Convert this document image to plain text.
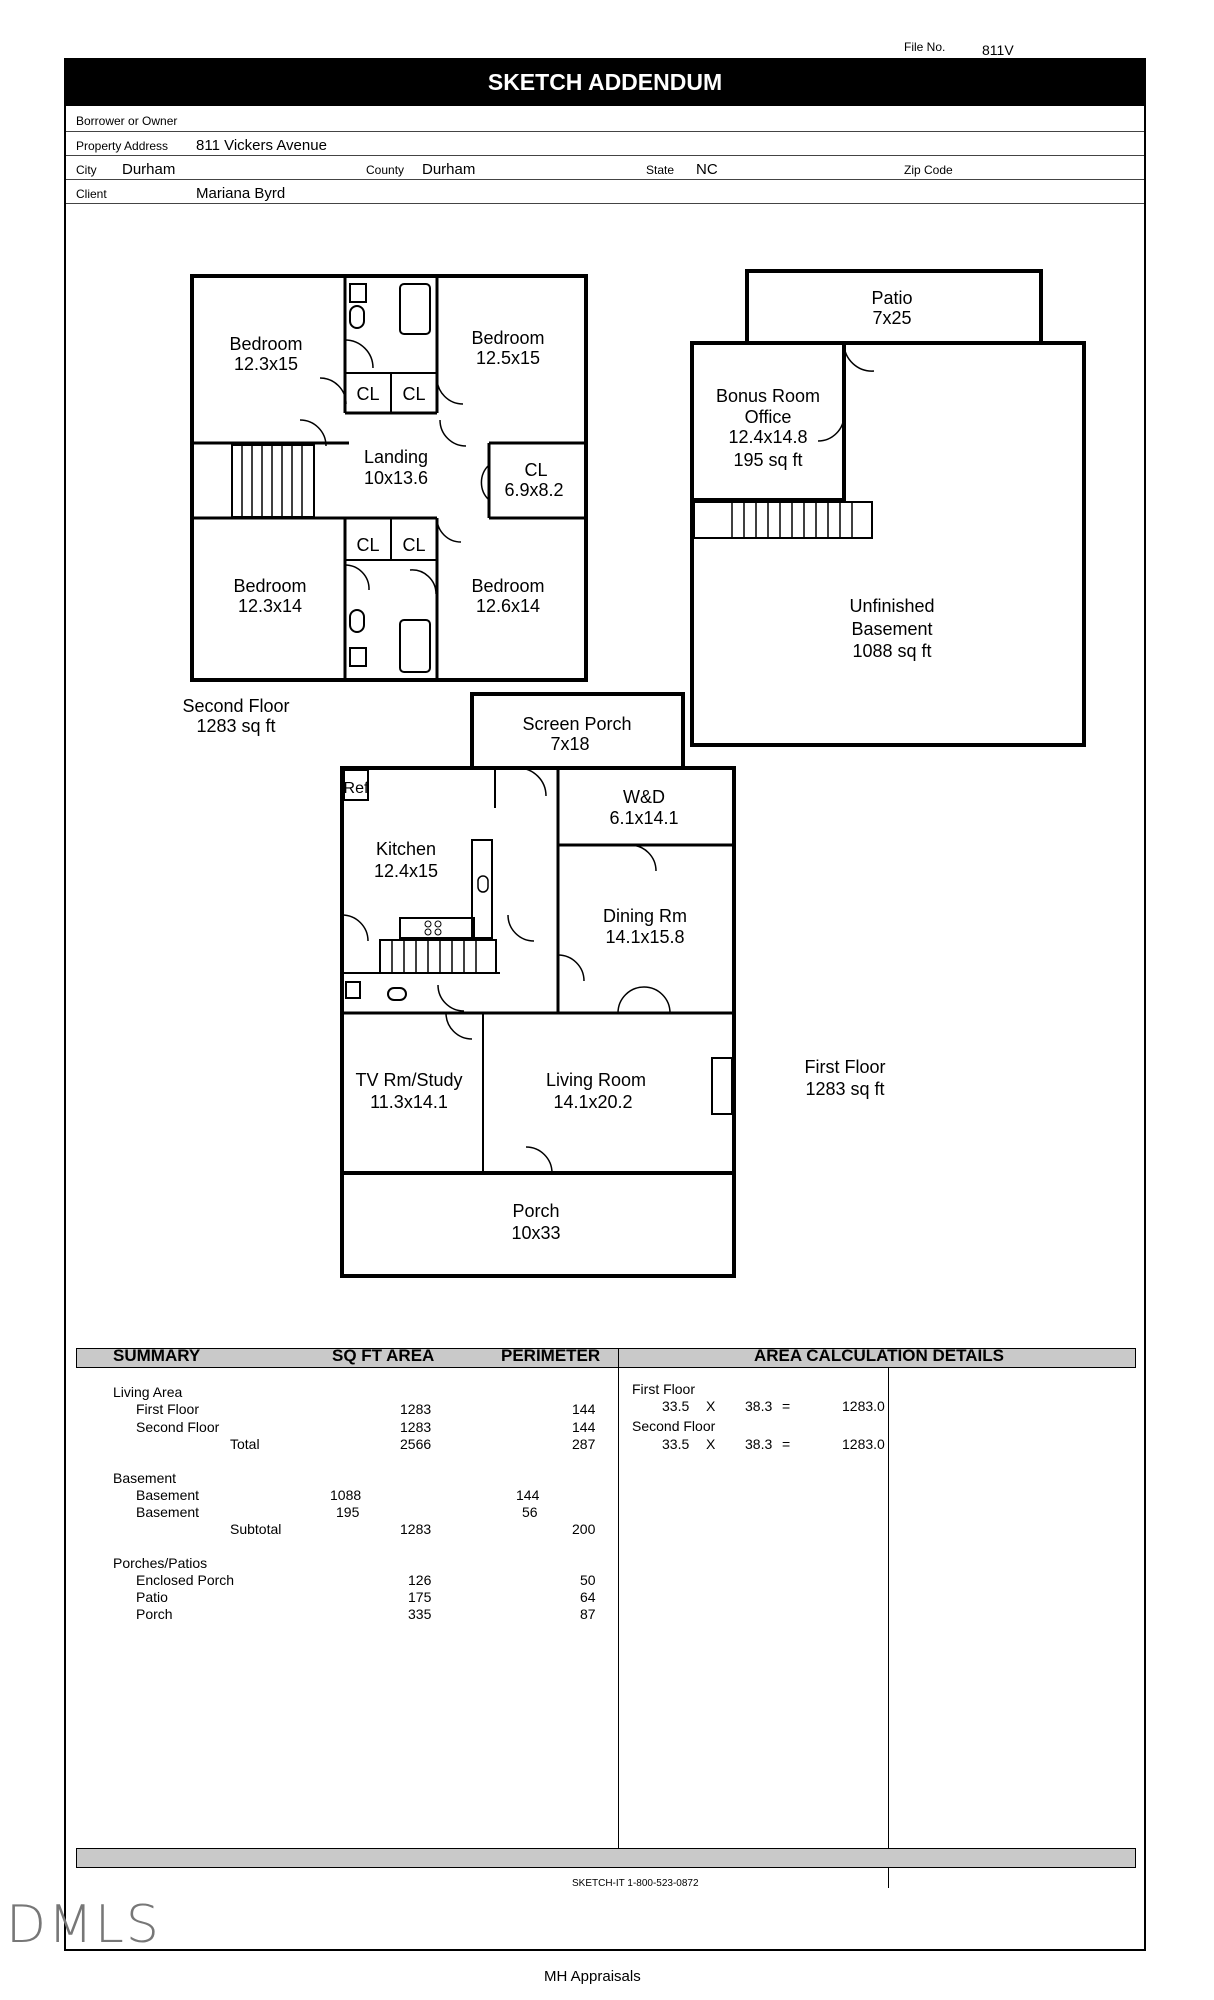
File No.	811V
SKETCH ADDENDUM
Borrower or Owner
Property Address 811 Vickers Avenue
City Durham	County Durham	State NC	Zip Code
Client	Mariana Byrd
Bedroom
12.3x15
Bedroom
12.5x15
Landing
10x13.6	CL
6.9x8.2
Bedroom
12.3x14
Bedroom
12.6x14
CL CL
CL CL
Second Floor
1283 sq ft
Patio
7x25
Bonus Room
Office
12.4x14.8
195 sq ft
Unfinished
Basement
1088 sq ft
Screen Porch
7x18
Ref
Kitchen
12.4x15
W&D
6.1x14.1
Dining Rm
14.1x15.8
TV Rm/Study
11.3x14.1
Living Room
14.1x20.2
Porch
10x33
First Floor
1283 sq ft
SUMMARY	SQ FT AREA	PERIMETER	AREA CALCULATION DETAILS
Living Area
First Floor	1283	144
Second Floor	1283	144
Total	2566	287
Basement
Basement	1088	144
Basement	195	56
Subtotal	1283	200
Porches/Patios
Enclosed Porch	126	50
Patio	175	64
Porch	335	87
First Floor
33.5 X 38.3 =	1283.0
Second Floor
33.5 X 38.3 =	1283.0
SKETCH-IT 1-800-523-0872
DMLS
MH Appraisals
